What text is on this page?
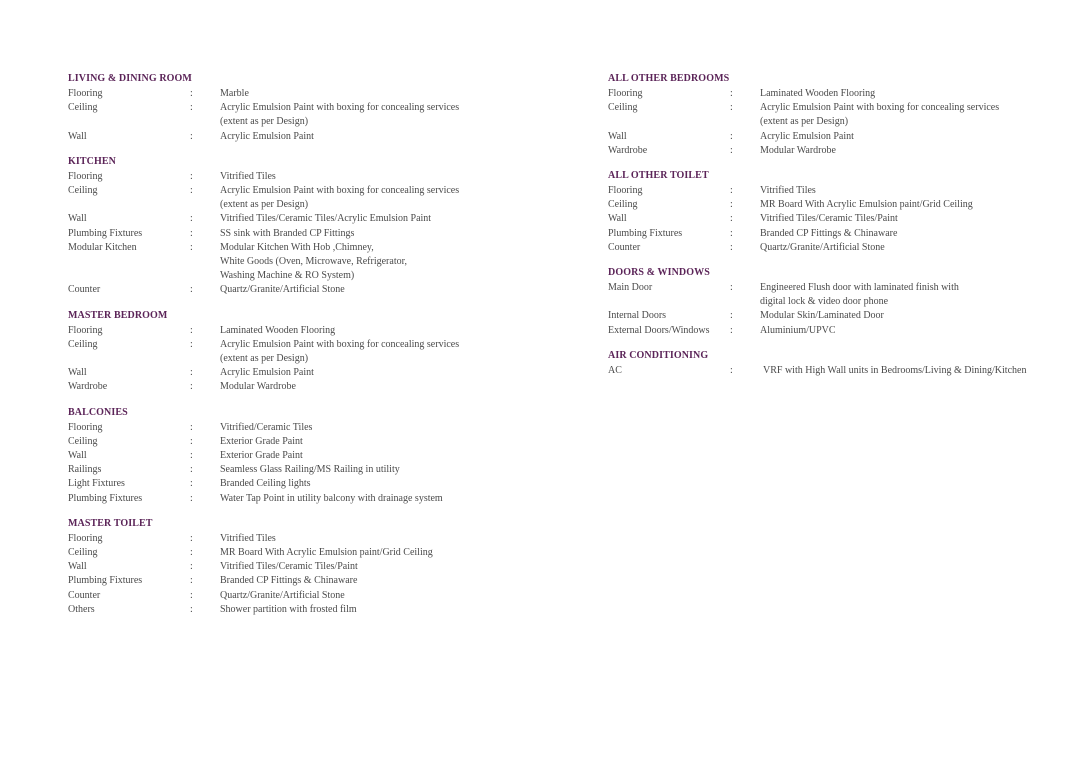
LIVING & DINING ROOM
Flooring	:	Marble
Ceiling	:	Acrylic Emulsion Paint with boxing for concealing services
(extent as per Design)
Wall	:	Acrylic Emulsion Paint
KITCHEN
Flooring	:	Vitrified Tiles
Ceiling	:	Acrylic Emulsion Paint with boxing for concealing services
(extent as per Design)
Wall	:	Vitrified Tiles/Ceramic Tiles/Acrylic Emulsion Paint
Plumbing Fixtures	:	SS sink with Branded CP Fittings
Modular Kitchen	:	Modular Kitchen With Hob ,Chimney,
White Goods (Oven, Microwave, Refrigerator,
Washing Machine & RO System)
Counter	:	Quartz/Granite/Artificial Stone
MASTER BEDROOM
Flooring	:	Laminated Wooden Flooring
Ceiling	:	Acrylic Emulsion Paint with boxing for concealing services
(extent as per Design)
Wall	:	Acrylic Emulsion Paint
Wardrobe	:	Modular Wardrobe
BALCONIES
Flooring	:	Vitrified/Ceramic Tiles
Ceiling	:	Exterior Grade Paint
Wall	:	Exterior Grade Paint
Railings	:	Seamless Glass Railing/MS Railing in utility
Light Fixtures	:	Branded Ceiling lights
Plumbing Fixtures	:	Water Tap Point in utility balcony with drainage system
MASTER TOILET
Flooring	:	Vitrified Tiles
Ceiling	:	MR Board With Acrylic Emulsion paint/Grid Ceiling
Wall	:	Vitrified Tiles/Ceramic Tiles/Paint
Plumbing Fixtures	:	Branded CP Fittings & Chinaware
Counter	:	Quartz/Granite/Artificial Stone
Others	:	Shower partition with frosted film
ALL OTHER BEDROOMS
Flooring	:	Laminated Wooden Flooring
Ceiling	:	Acrylic Emulsion Paint with boxing for concealing services
(extent as per Design)
Wall	:	Acrylic Emulsion Paint
Wardrobe	:	Modular Wardrobe
ALL OTHER TOILET
Flooring	:	Vitrified Tiles
Ceiling	:	MR Board With Acrylic Emulsion paint/Grid Ceiling
Wall	:	Vitrified Tiles/Ceramic Tiles/Paint
Plumbing Fixtures	:	Branded CP Fittings & Chinaware
Counter	:	Quartz/Granite/Artificial Stone
DOORS & WINDOWS
Main Door	:	Engineered Flush door with laminated finish with
digital lock & video door phone
Internal Doors	:	Modular Skin/Laminated Door
External Doors/Windows	:	Aluminium/UPVC
AIR CONDITIONING
AC	:	VRF with High Wall units in Bedrooms/Living & Dining/Kitchen
